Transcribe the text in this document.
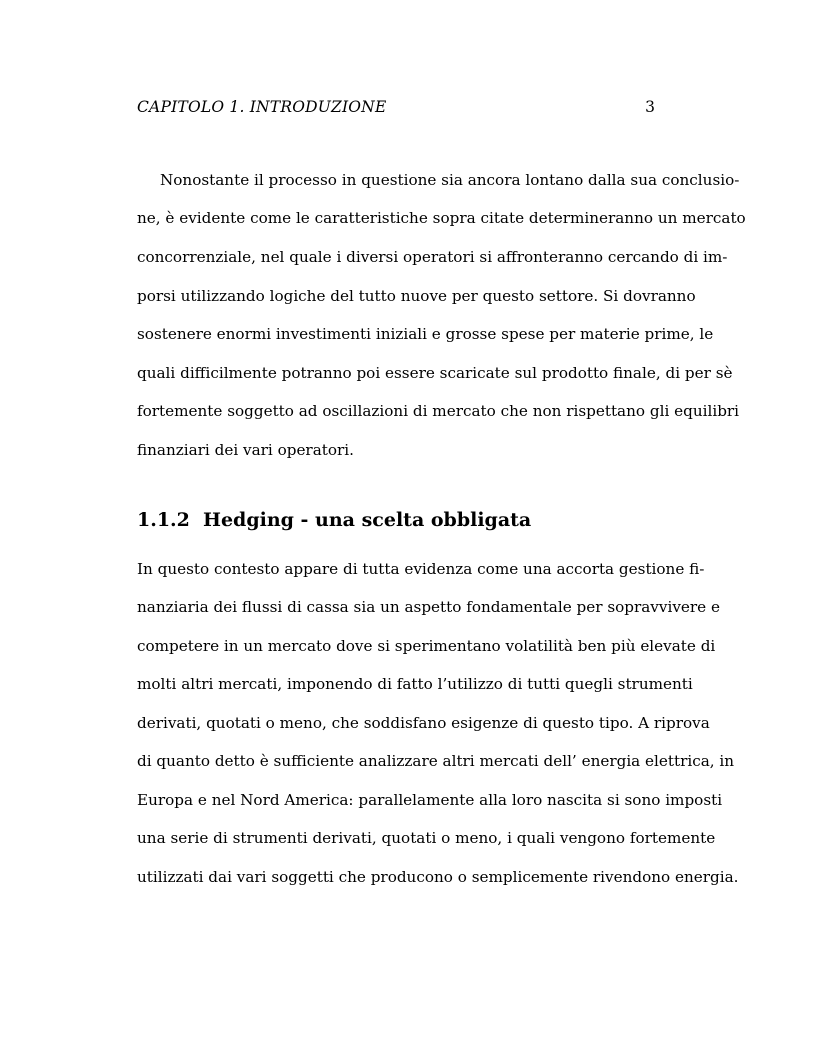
CAPITOLO 1. INTRODUZIONE	3
Nonostante il processo in questione sia ancora lontano dalla sua conclusio-
ne, è evidente come le caratteristiche sopra citate determineranno un mercato
concorrenziale, nel quale i diversi operatori si affronteranno cercando di im-
porsi utilizzando logiche del tutto nuove per questo settore. Si dovranno
sostenere enormi investimenti iniziali e grosse spese per materie prime, le
quali difficilmente potranno poi essere scaricate sul prodotto finale, di per sè
fortemente soggetto ad oscillazioni di mercato che non rispettano gli equilibri
finanziari dei vari operatori.
1.1.2 Hedging - una scelta obbligata
In questo contesto appare di tutta evidenza come una accorta gestione fi-
nanziaria dei flussi di cassa sia un aspetto fondamentale per sopravvivere e
competere in un mercato dove si sperimentano volatilità ben più elevate di
molti altri mercati, imponendo di fatto l’utilizzo di tutti quegli strumenti
derivati, quotati o meno, che soddisfano esigenze di questo tipo. A riprova
di quanto detto è sufficiente analizzare altri mercati dell’ energia elettrica, in
Europa e nel Nord America: parallelamente alla loro nascita si sono imposti
una serie di strumenti derivati, quotati o meno, i quali vengono fortemente
utilizzati dai vari soggetti che producono o semplicemente rivendono energia.
